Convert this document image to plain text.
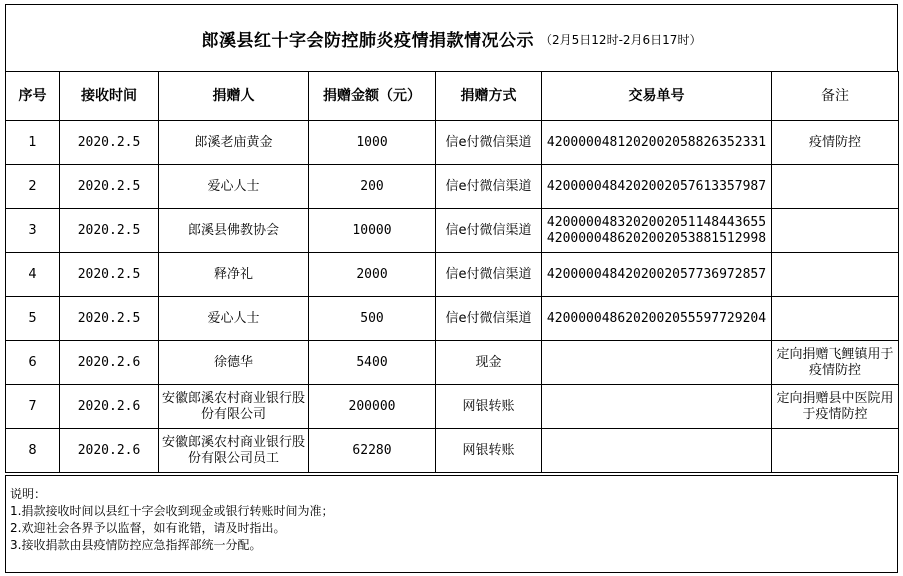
郎溪县红十字会防控肺炎疫情捐款情况公示 （2月5日12时-2月6日17时）
序号	接收时间	捐赠人	捐赠金额（元）	捐赠方式	交易单号	备注
1	2020.2.5	郎溪老庙黄金	1000	信e付微信渠道	4200000481202002058826352331	疫情防控
2	2020.2.5	爱心人士	200	信e付微信渠道	4200000484202002057613357987	

3	2020.2.5	郎溪县佛教协会	10000	信e付微信渠道	4200000483202002051148443655
4200000486202002053881512998	

4	2020.2.5	释净礼	2000	信e付微信渠道	4200000484202002057736972857	

5	2020.2.5	爱心人士	500	信e付微信渠道	4200000486202002055597729204	

6	2020.2.6	徐德华	5400	现金		定向捐赠飞鲤镇用于疫情防控
7	2020.2.6	安徽郎溪农村商业银行股份有限公司	200000	网银转账		定向捐赠县中医院用于疫情防控
8	2020.2.6	安徽郎溪农村商业银行股份有限公司员工	62280	网银转账		
说明：
1.捐款接收时间以县红十字会收到现金或银行转账时间为准；
2.欢迎社会各界予以监督，如有讹错，请及时指出。
3.接收捐款由县疫情防控应急指挥部统一分配。
